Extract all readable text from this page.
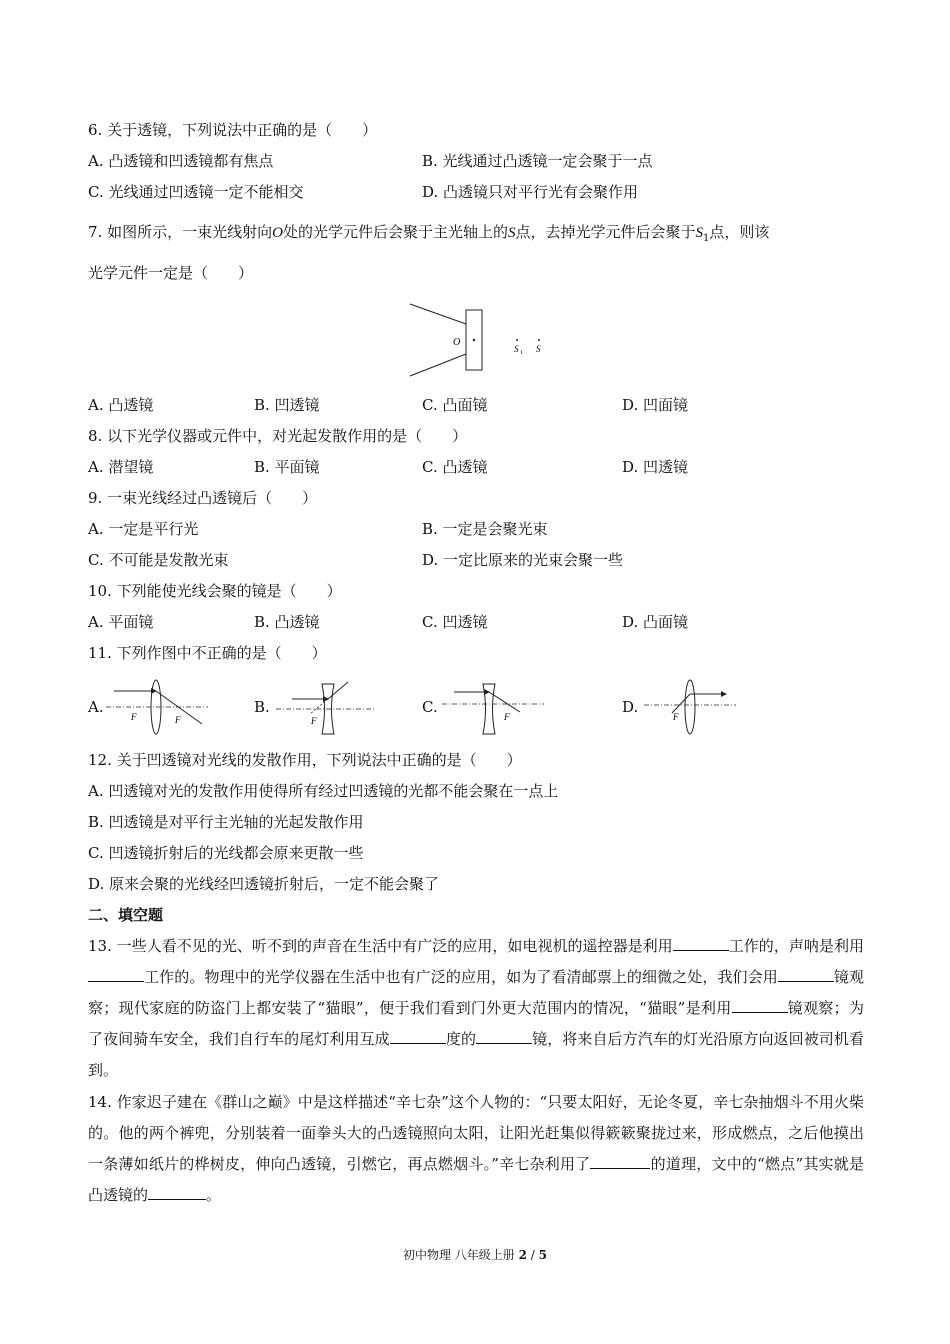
6. 关于透镜，下列说法中正确的是（　　）
A. 凸透镜和凹透镜都有焦点	B. 光线通过凸透镜一定会聚于一点
C. 光线通过凹透镜一定不能相交	D. 凸透镜只对平行光有会聚作用
7. 如图所示，一束光线射向O处的光学元件后会聚于主光轴上的S点，去掉光学元件后会聚于$S_1$点，则该
光学元件一定是（　　）
O
S 1 S
A. 凸透镜	B. 凹透镜	C. 凸面镜	D. 凹面镜
8. 以下光学仪器或元件中，对光起发散作用的是（　　）
A. 潜望镜	B. 平面镜	C. 凸透镜	D. 凹透镜
9. 一束光线经过凸透镜后（　　）
A. 一定是平行光	B. 一定是会聚光束
C. 不可能是发散光束	D. 一定比原来的光束会聚一些
10. 下列能使光线会聚的镜是（　　）
A. 平面镜	B. 凸透镜	C. 凹透镜	D. 凸面镜
11. 下列作图中不正确的是（　　）
A.
F	F
B.
F
C.
F
D.
F
12. 关于凹透镜对光线的发散作用，下列说法中正确的是（　　）
A. 凹透镜对光的发散作用使得所有经过凹透镜的光都不能会聚在一点上
B. 凹透镜是对平行主光轴的光起发散作用
C. 凹透镜折射后的光线都会原来更散一些
D. 原来会聚的光线经凹透镜折射后，一定不能会聚了
二、填空题
13. 一些人看不见的光、听不到的声音在生活中有广泛的应用，如电视机的遥控器是利用	工作的，声呐是利用工作的。物理中的光学仪器在生活中也有广泛的应用，如为了看清邮票上的细微之处，我们会用	镜观察；现代家庭的防盗门上都安装了“猫眼”，便于我们看到门外更大范围内的情况，“猫眼”是利用	镜观察；为了夜间骑车安全，我们自行车的尾灯利用互成	度的	镜，将来自后方汽车的灯光沿原方向返回被司机看到。
14. 作家迟子建在《群山之巅》中是这样描述“辛七杂”这个人物的：“只要太阳好，无论冬夏，辛七杂抽烟斗不用火柴的。他的两个裤兜，分别装着一面拳头大的凸透镜照向太阳，让阳光赶集似得簌簌聚拢过来，形成燃点，之后他摸出一条薄如纸片的桦树皮，伸向凸透镜，引燃它，再点燃烟斗。”辛七杂利用了	的道理，文中的“燃点”其实就是凸透镜的	。
初中物理 八年级上册 2 / 5
